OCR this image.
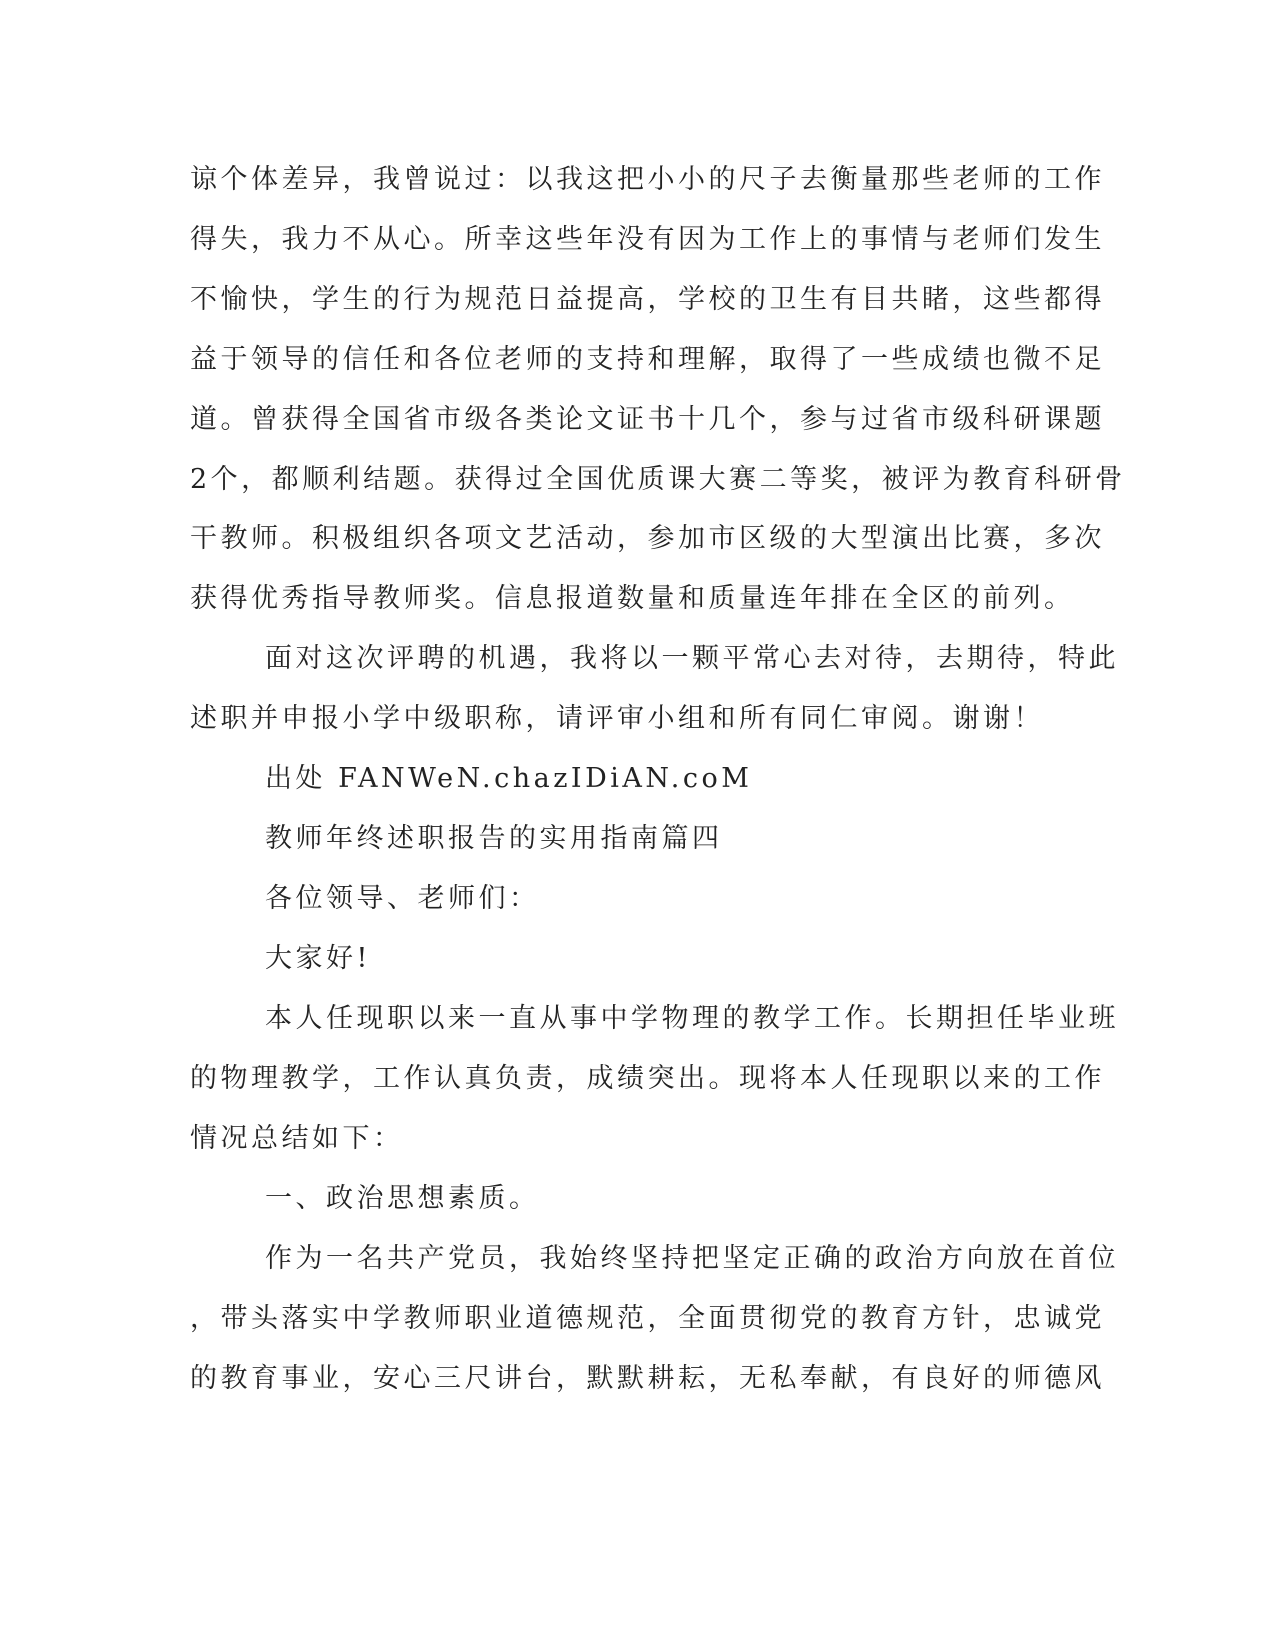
谅个体差异，我曾说过：以我这把小小的尺子去衡量那些老师的工作

得失，我力不从心。所幸这些年没有因为工作上的事情与老师们发生

不愉快，学生的行为规范日益提高，学校的卫生有目共睹，这些都得

益于领导的信任和各位老师的支持和理解，取得了一些成绩也微不足

道。曾获得全国省市级各类论文证书十几个，参与过省市级科研课题

2个，都顺利结题。获得过全国优质课大赛二等奖，被评为教育科研骨

干教师。积极组织各项文艺活动，参加市区级的大型演出比赛，多次

获得优秀指导教师奖。信息报道数量和质量连年排在全区的前列。

面对这次评聘的机遇，我将以一颗平常心去对待，去期待，特此

述职并申报小学中级职称，请评审小组和所有同仁审阅。谢谢！

出处 FANWeN.chazIDiAN.coM

教师年终述职报告的实用指南篇四

各位领导、老师们：

大家好!

本人任现职以来一直从事中学物理的教学工作。长期担任毕业班

的物理教学，工作认真负责，成绩突出。现将本人任现职以来的工作

情况总结如下：

一、政治思想素质。

作为一名共产党员，我始终坚持把坚定正确的政治方向放在首位

，带头落实中学教师职业道德规范，全面贯彻党的教育方针，忠诚党

的教育事业，安心三尺讲台，默默耕耘，无私奉献，有良好的师德风
